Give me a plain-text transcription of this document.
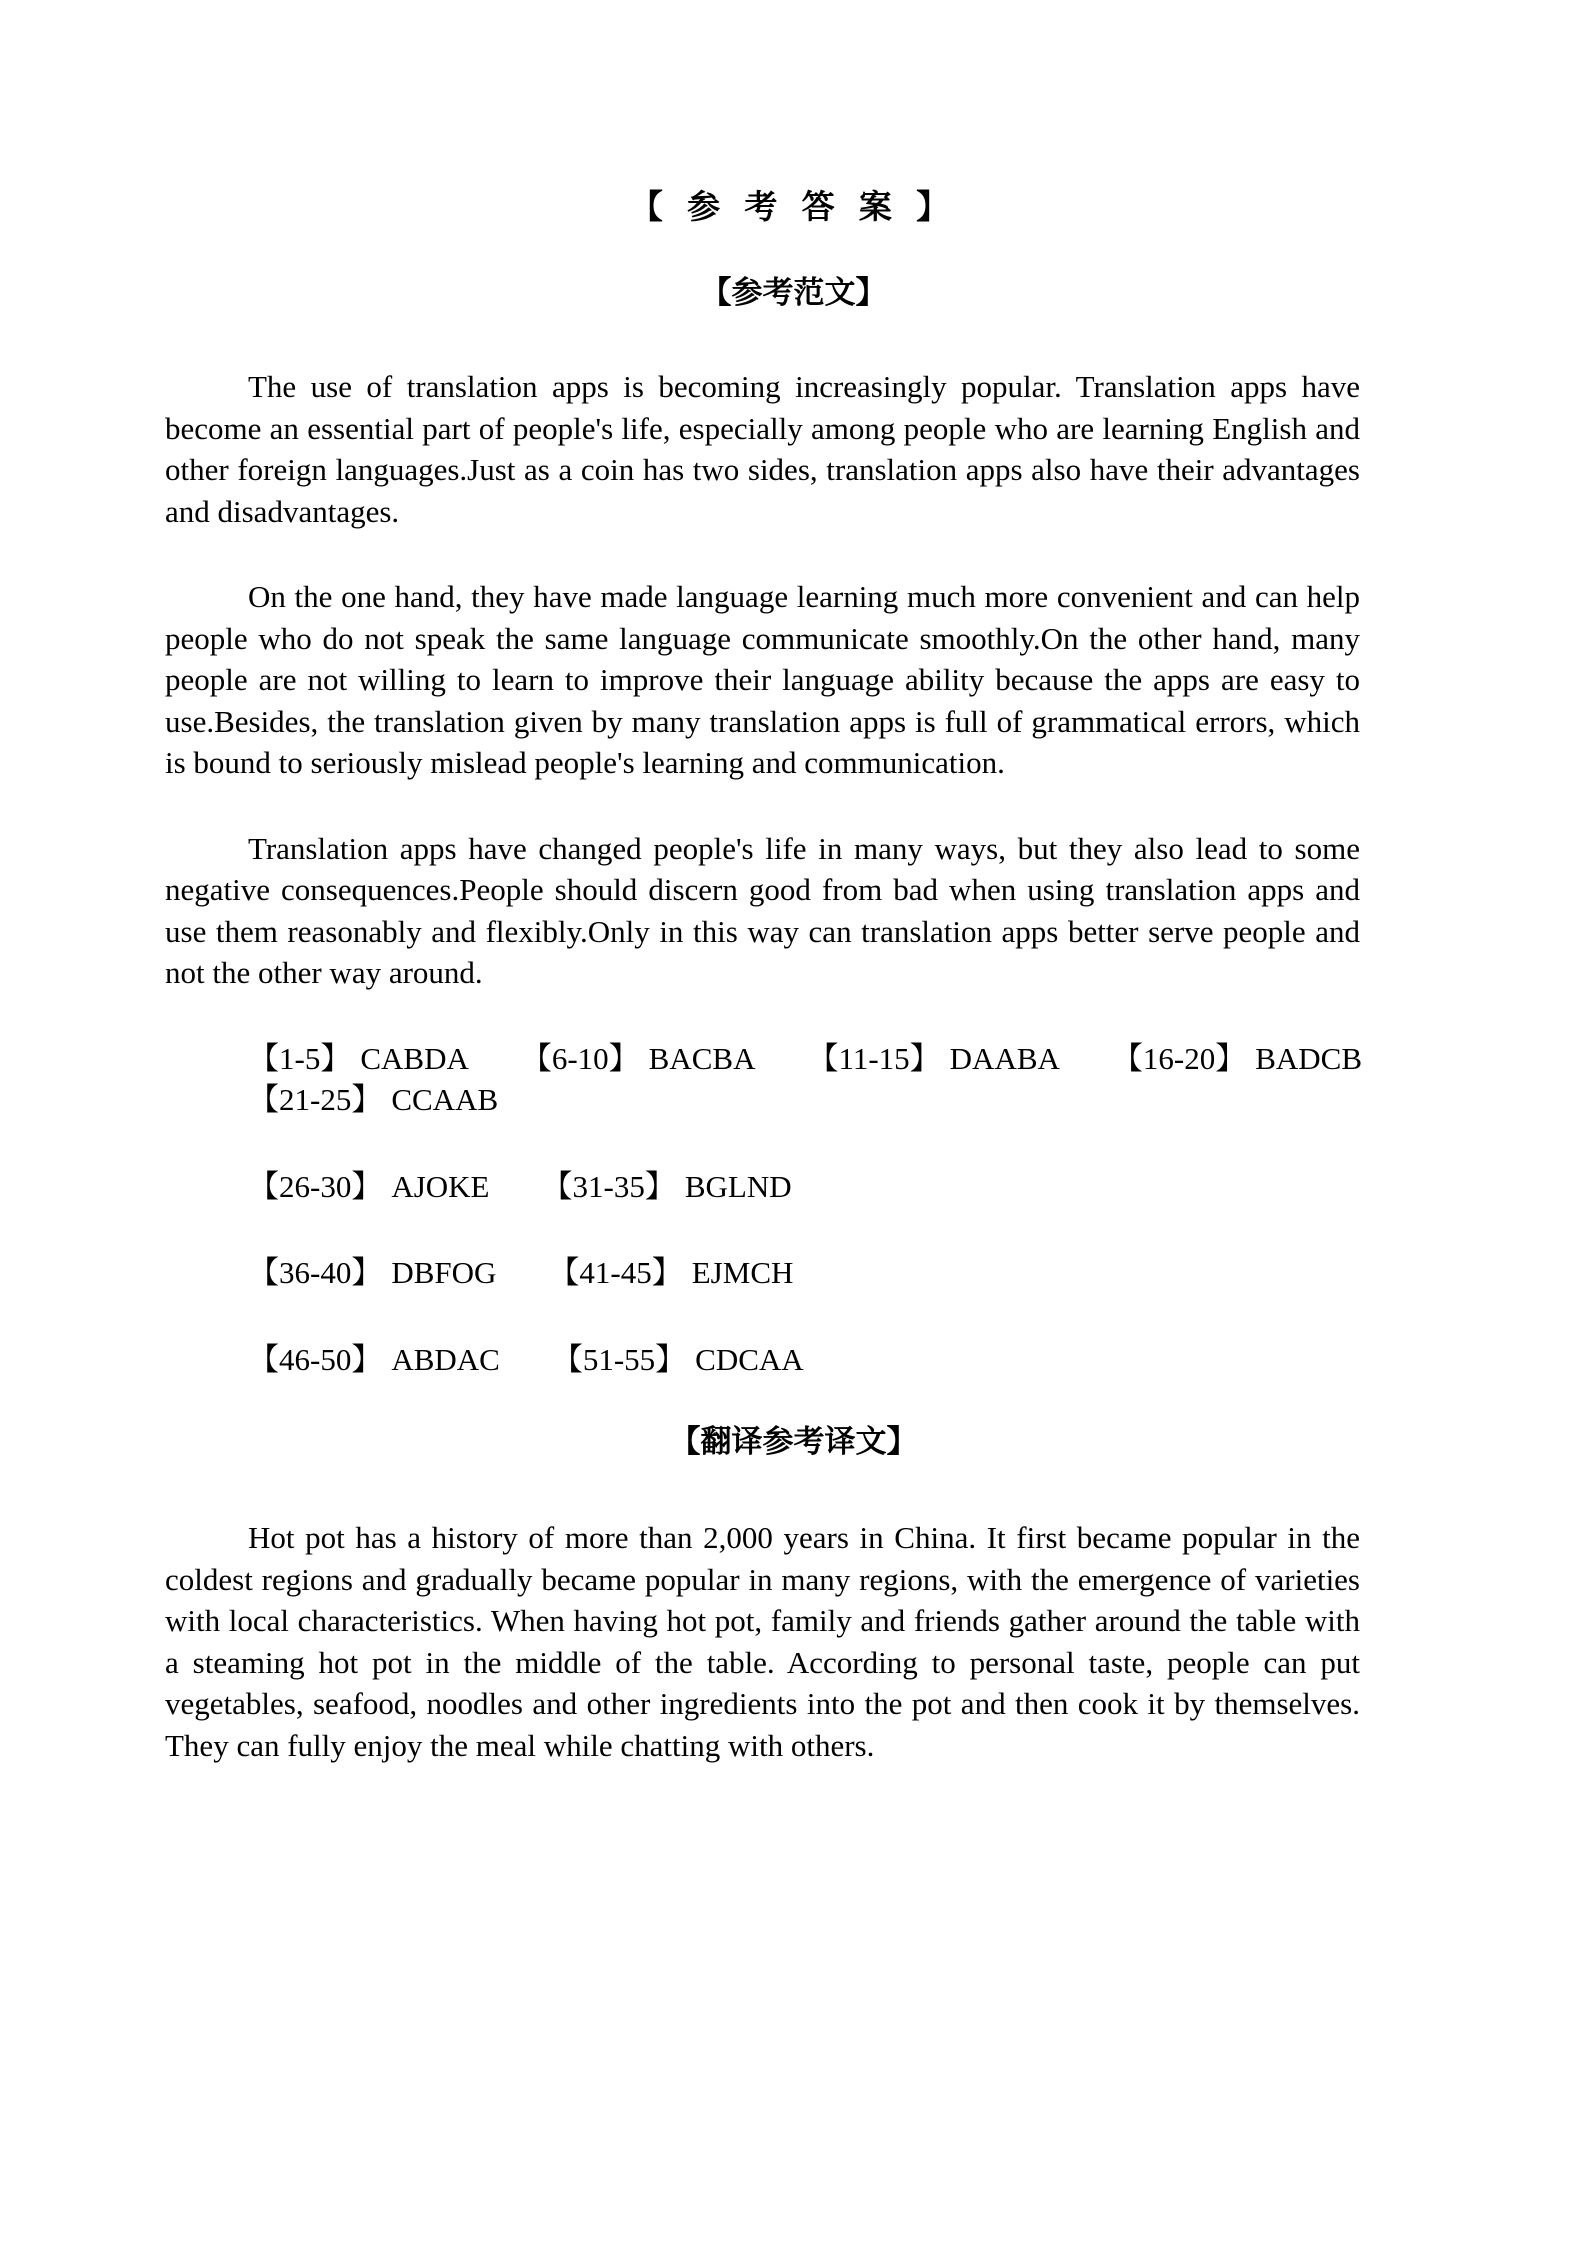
【 参 考 答 案 】
【参考范文】

The use of translation apps is becoming increasingly popular. Translation apps have become an essential part of people's life, especially among people who are learning English and other foreign languages.Just as a coin has two sides, translation apps also have their advantages and disadvantages.

On the one hand, they have made language learning much more convenient and can help people who do not speak the same language communicate smoothly.On the other hand, many people are not willing to learn to improve their language ability because the apps are easy to use.Besides, the translation given by many translation apps is full of grammatical errors, which is bound to seriously mislead people's learning and communication.

Translation apps have changed people's life in many ways, but they also lead to some negative consequences.People should discern good from bad when using translation apps and use them reasonably and flexibly.Only in this way can translation apps better serve people and not the other way around.

【1-5】 CABDA 【6-10】 BACBA 【11-15】 DAABA 【16-20】 BADCB
【21-25】 CCAAB
【26-30】 AJOKE 【31-35】 BGLND
【36-40】 DBFOG 【41-45】 EJMCH
【46-50】 ABDAC 【51-55】 CDCAA
【翻译参考译文】

Hot pot has a history of more than 2,000 years in China. It first became popular in the coldest regions and gradually became popular in many regions, with the emergence of varieties with local characteristics. When having hot pot, family and friends gather around the table with a steaming hot pot in the middle of the table. According to personal taste, people can put vegetables, seafood, noodles and other ingredients into the pot and then cook it by themselves. They can fully enjoy the meal while chatting with others.
